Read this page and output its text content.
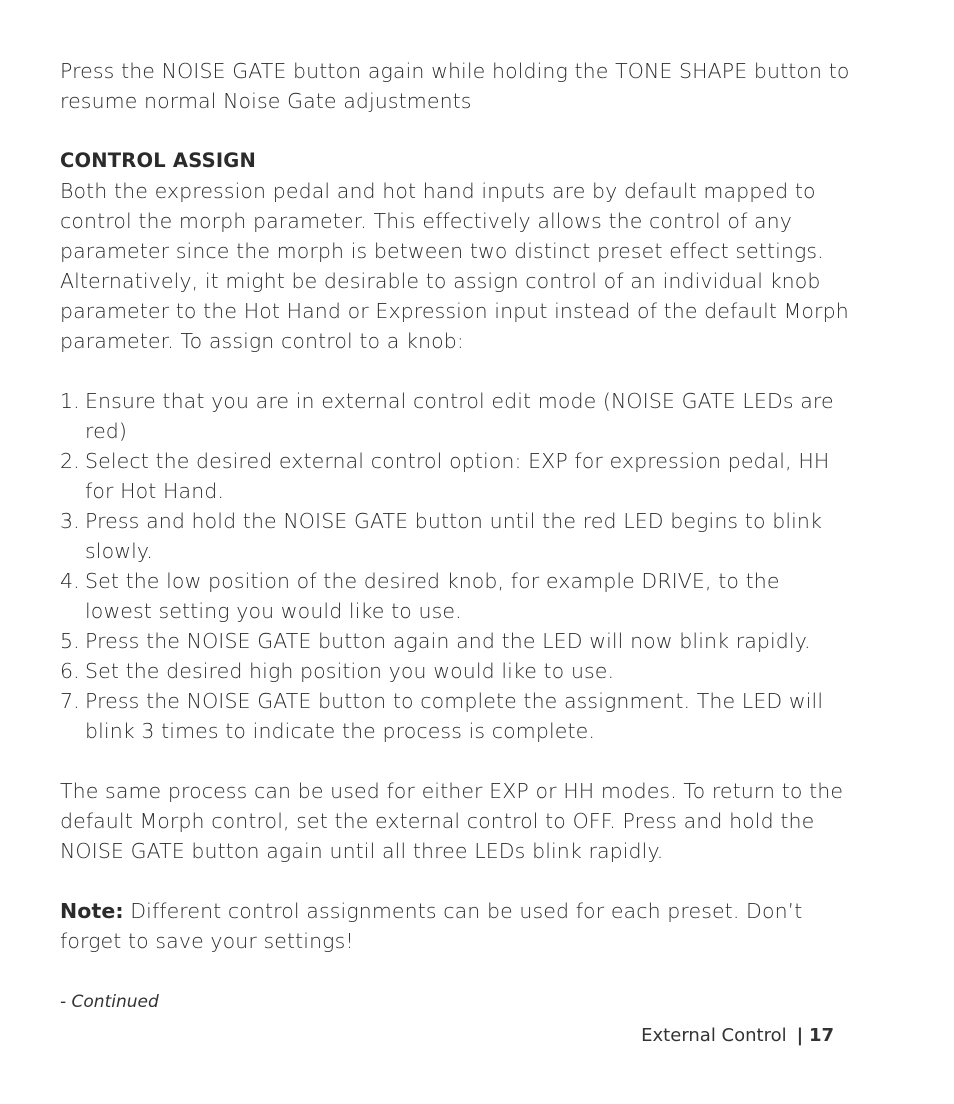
Press the NOISE GATE button again while holding the TONE SHAPE button to resume normal Noise Gate adjustments

CONTROL ASSIGN

Both the expression pedal and hot hand inputs are by default mapped to control the morph parameter. This effectively allows the control of any parameter since the morph is between two distinct preset effect settings. Alternatively, it might be desirable to assign control of an individual knob parameter to the Hot Hand or Expression input instead of the default Morph parameter. To assign control to a knob:

1. Ensure that you are in external control edit mode (NOISE GATE LEDs are red)
2. Select the desired external control option: EXP for expression pedal, HH for Hot Hand.
3. Press and hold the NOISE GATE button until the red LED begins to blink slowly.
4. Set the low position of the desired knob, for example DRIVE, to the lowest setting you would like to use.
5. Press the NOISE GATE button again and the LED will now blink rapidly.
6. Set the desired high position you would like to use.
7. Press the NOISE GATE button to complete the assignment. The LED will blink 3 times to indicate the process is complete.

The same process can be used for either EXP or HH modes. To return to the default Morph control, set the external control to OFF. Press and hold the NOISE GATE button again until all three LEDs blink rapidly.

Note: Different control assignments can be used for each preset. Don’t forget to save your settings!

- Continued
External Control | 17
